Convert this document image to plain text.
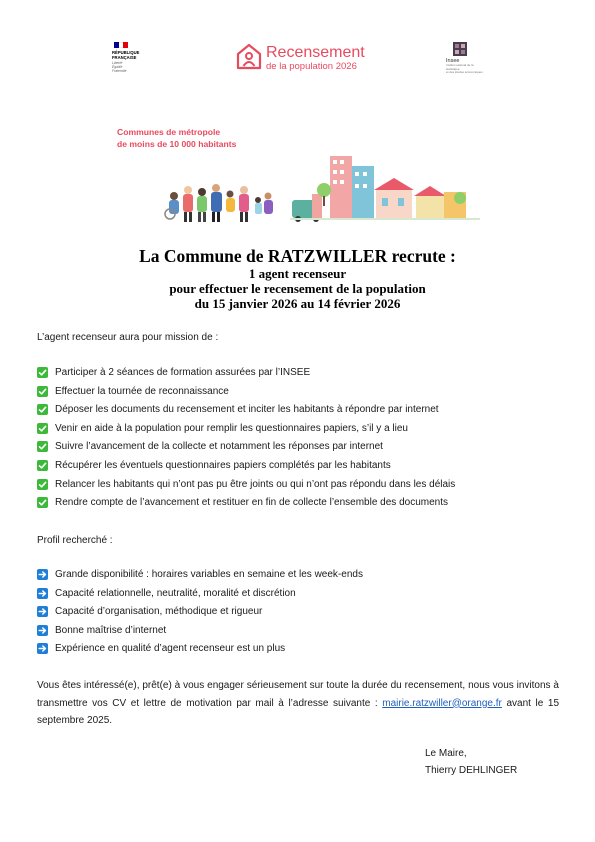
RÉPUBLIQUE
FRANÇAISE
Liberté
Égalité
Fraternité
Recensement
de la population 2026	Insee
Institut national de la statistique
et des études économiques
Communes de métropole
de moins de 10 000 habitants
La Commune de RATZWILLER recrute :
1 agent recenseur
pour effectuer le recensement de la population
du 15 janvier 2026 au 14 février 2026
L’agent recenseur aura pour mission de :
Participer à 2 séances de formation assurées par l’INSEE
Effectuer la tournée de reconnaissance
Déposer les documents du recensement et inciter les habitants à répondre par internet
Venir en aide à la population pour remplir les questionnaires papiers, s’il y a lieu
Suivre l’avancement de la collecte et notamment les réponses par internet
Récupérer les éventuels questionnaires papiers complétés par les habitants
Relancer les habitants qui n’ont pas pu être joints ou qui n’ont pas répondu dans les délais
Rendre compte de l’avancement et restituer en fin de collecte l’ensemble des documents
Profil recherché :
Grande disponibilité : horaires variables en semaine et les week-ends
Capacité relationnelle, neutralité, moralité et discrétion
Capacité d’organisation, méthodique et rigueur
Bonne maîtrise d’internet
Expérience en qualité d’agent recenseur est un plus
Vous êtes intéressé(e), prêt(e) à vous engager sérieusement sur toute la durée du recensement, nous vous invitons à transmettre vos CV et lettre de motivation par mail à l’adresse suivante : mairie.ratzwiller@orange.fr avant le 15 septembre 2025.
Le Maire,
Thierry DEHLINGER
